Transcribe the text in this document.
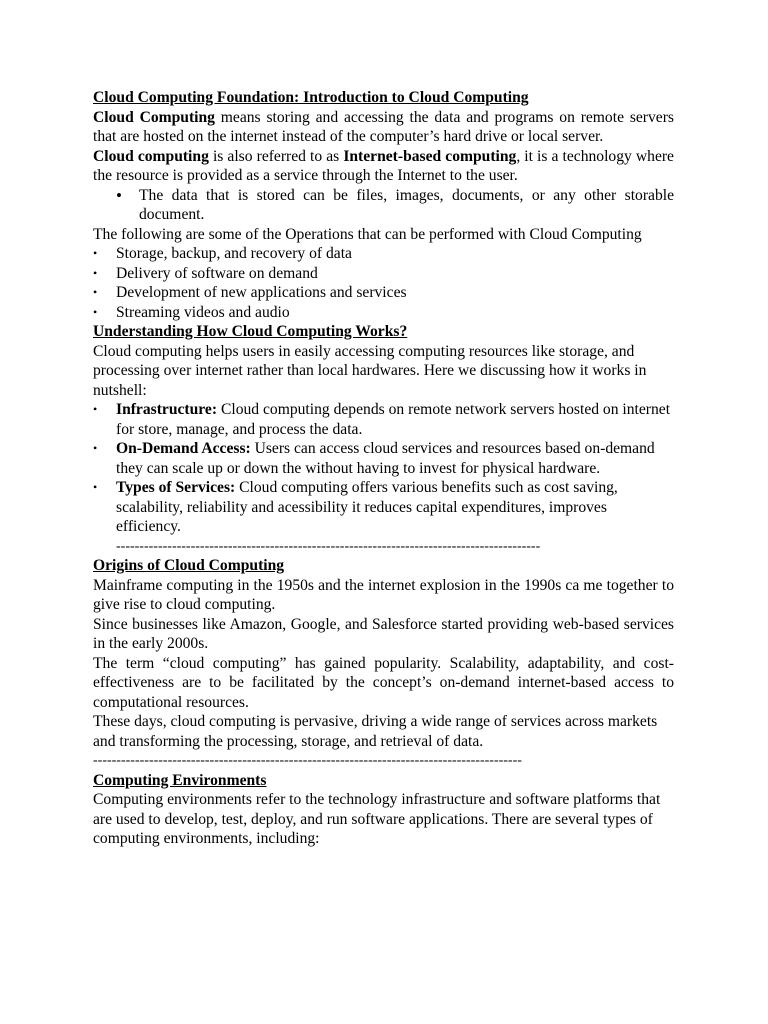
Cloud Computing Foundation: Introduction to Cloud Computing

Cloud Computing means storing and accessing the data and programs on remote servers that are hosted on the internet instead of the computer’s hard drive or local server.

Cloud computing is also referred to as Internet-based computing, it is a technology where the resource is provided as a service through the Internet to the user.

• The data that is stored can be files, images, documents, or any other storable document.

The following are some of the Operations that can be performed with Cloud Computing

• Storage, backup, and recovery of data
• Delivery of software on demand
• Development of new applications and services
• Streaming videos and audio

Understanding How Cloud Computing Works?

Cloud computing helps users in easily accessing computing resources like storage, and processing over internet rather than local hardwares. Here we discussing how it works in nutshell:

• Infrastructure: Cloud computing depends on remote network servers hosted on internet for store, manage, and process the data.
• On-Demand Access: Users can access cloud services and resources based on-demand they can scale up or down the without having to invest for physical hardware.
• Types of Services: Cloud computing offers various benefits such as cost saving, scalability, reliability and acessibility it reduces capital expenditures, improves efficiency.

-------------------------------------------------------------------------------------------

Origins of Cloud Computing

Mainframe computing in the 1950s and the internet explosion in the 1990s ca me together to give rise to cloud computing.

Since businesses like Amazon, Google, and Salesforce started providing web-based services in the early 2000s.

The term “cloud computing” has gained popularity. Scalability, adaptability, and cost-effectiveness are to be facilitated by the concept’s on-demand internet-based access to computational resources.

These days, cloud computing is pervasive, driving a wide range of services across markets and transforming the processing, storage, and retrieval of data.

--------------------------------------------------------------------------------------------

Computing Environments

Computing environments refer to the technology infrastructure and software platforms that are used to develop, test, deploy, and run software applications. There are several types of computing environments, including:
